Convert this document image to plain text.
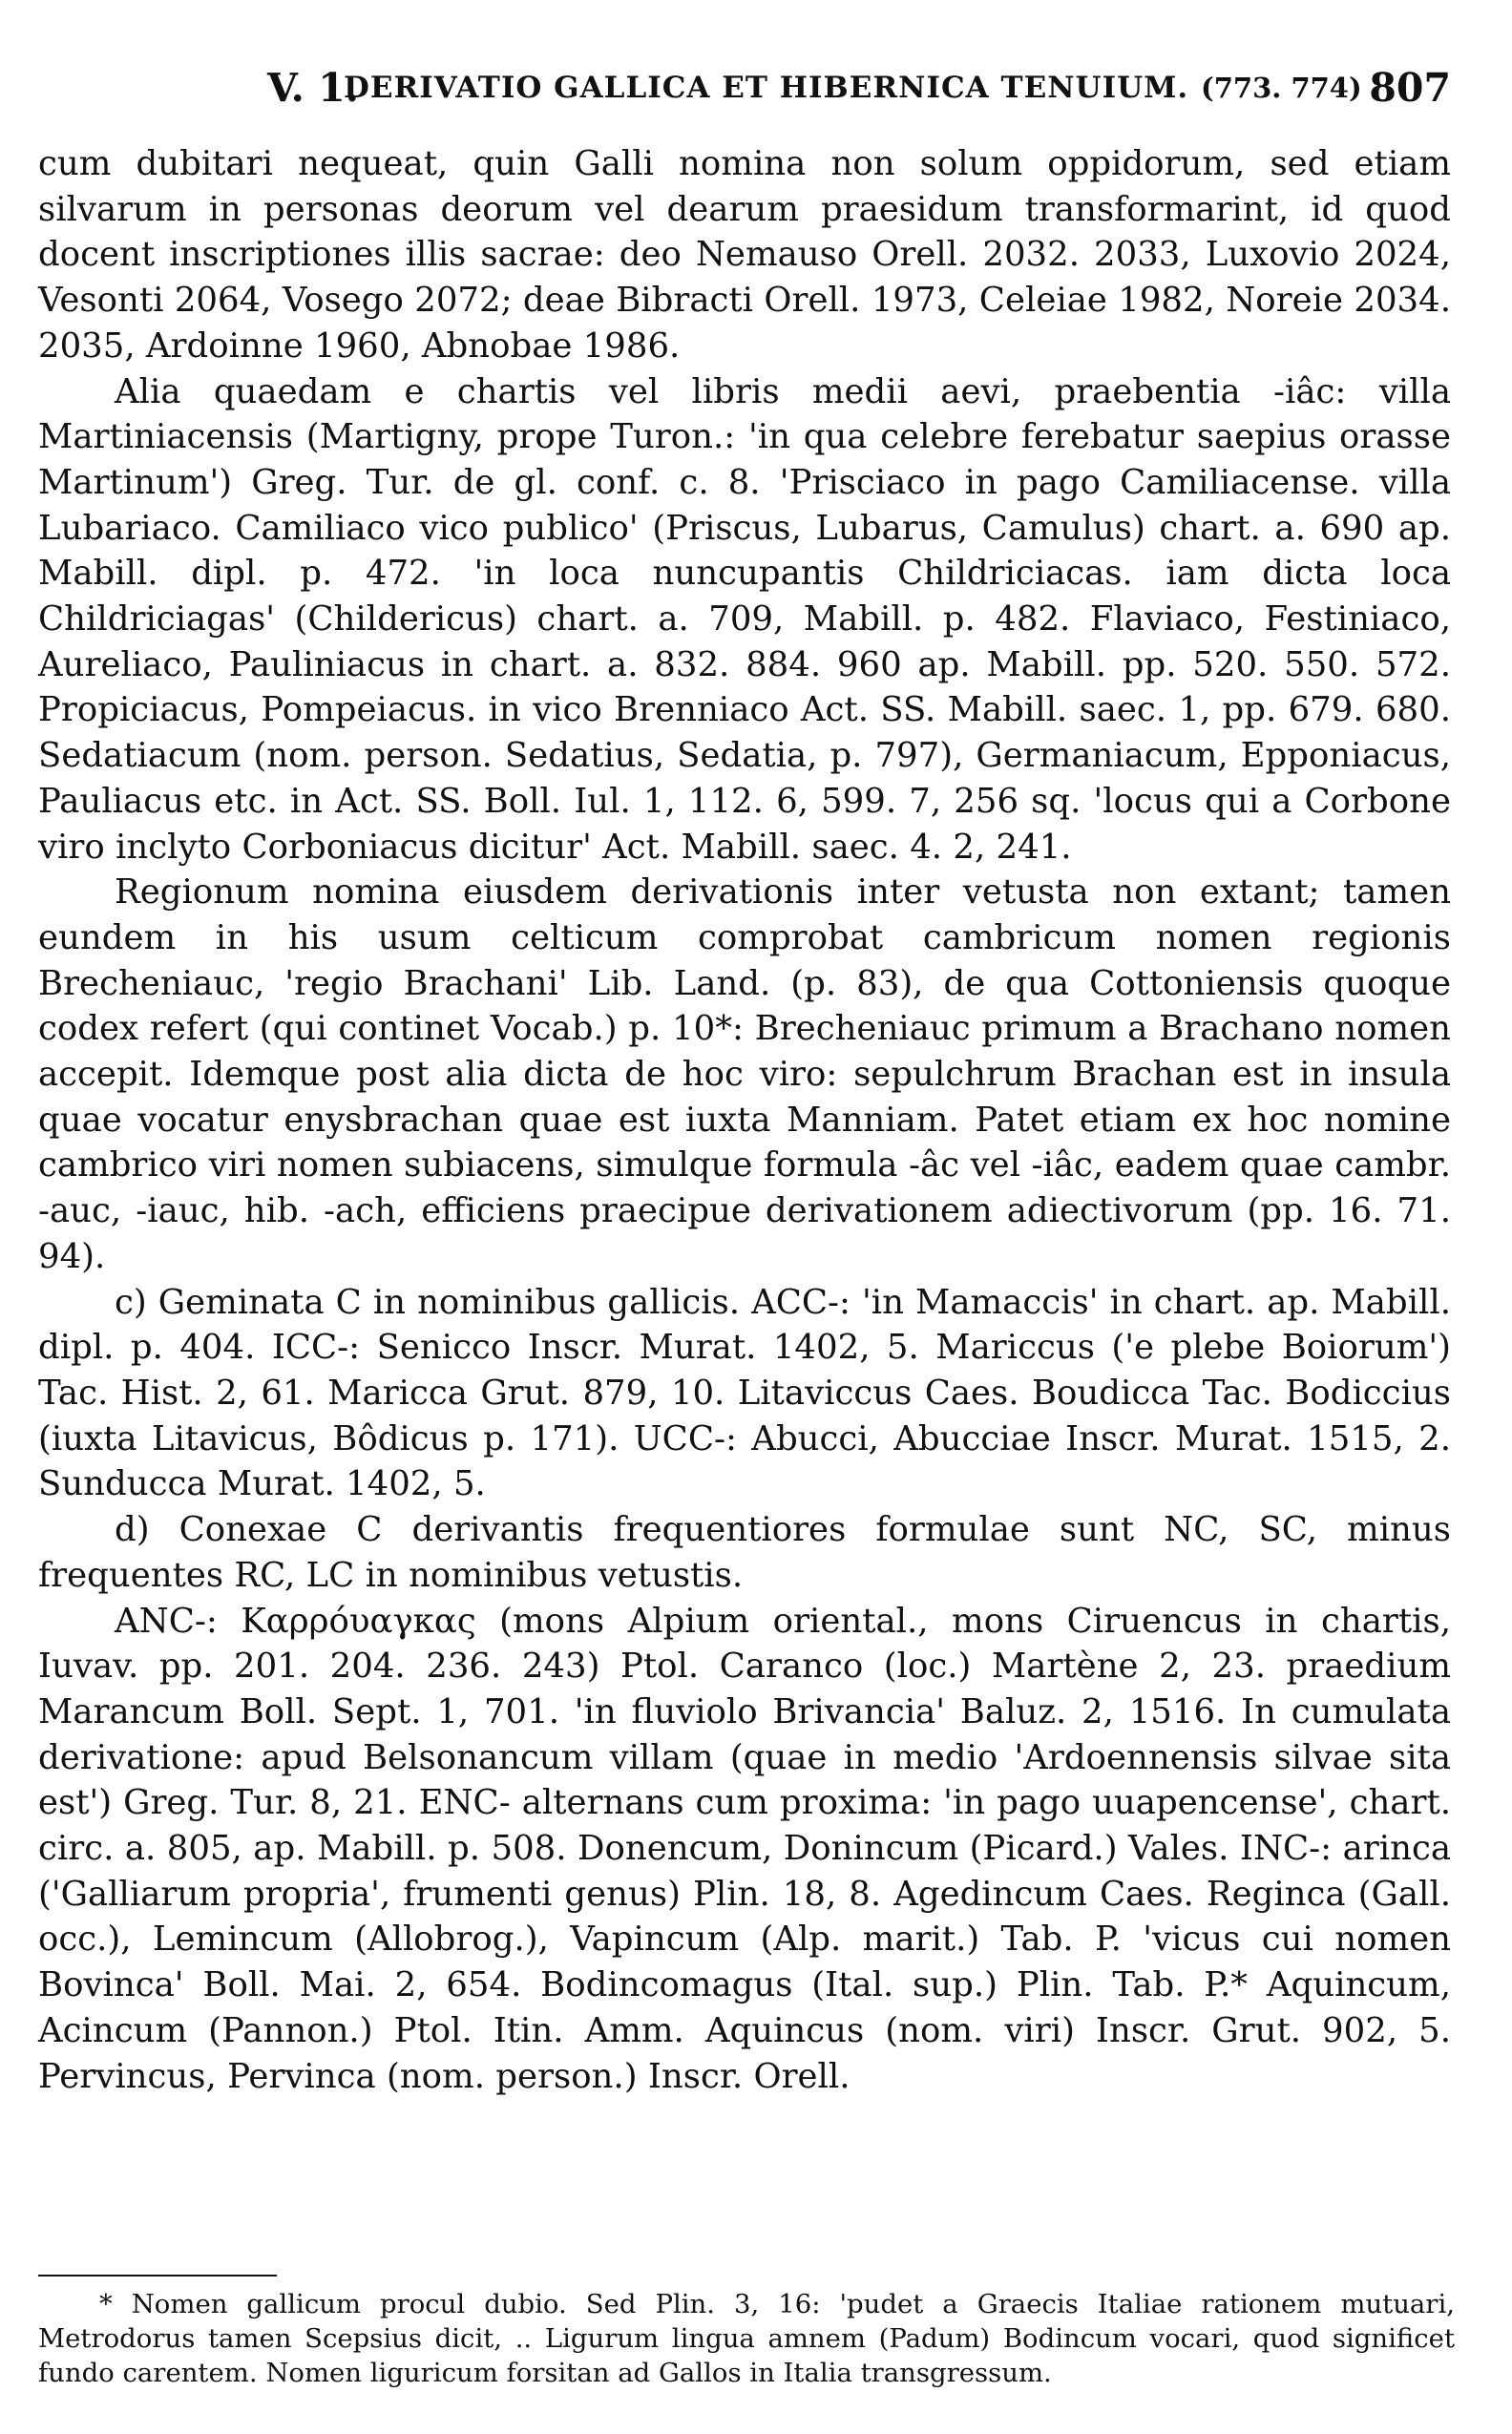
V. 1.
DERIVATIO GALLICA ET HIBERNICA TENUIUM. (773. 774) 807

cum dubitari nequeat, quin Galli nomina non solum oppidorum, sed etiam silvarum in personas deorum vel dearum praesidum transformarint, id quod docent inscriptiones illis sacrae: deo Nemauso Orell. 2032. 2033, Luxovio 2024, Vesonti 2064, Vosego 2072; deae Bibracti Orell. 1973, Celeiae 1982, Noreie 2034. 2035, Ardoinne 1960, Abnobae 1986.

Alia quaedam e chartis vel libris medii aevi, praebentia -iâc: villa Martiniacensis (Martigny, prope Turon.: 'in qua celebre ferebatur saepius orasse Martinum') Greg. Tur. de gl. conf. c. 8. 'Prisciaco in pago Camiliacense. villa Lubariaco. Camiliaco vico publico' (Priscus, Lubarus, Camulus) chart. a. 690 ap. Mabill. dipl. p. 472. 'in loca nuncupantis Childriciacas. iam dicta loca Childriciagas' (Childericus) chart. a. 709, Mabill. p. 482. Flaviaco, Festiniaco, Aureliaco, Pauliniacus in chart. a. 832. 884. 960 ap. Mabill. pp. 520. 550. 572. Propiciacus, Pompeiacus. in vico Brenniaco Act. SS. Mabill. saec. 1, pp. 679. 680. Sedatiacum (nom. person. Sedatius, Sedatia, p. 797), Germaniacum, Epponiacus, Pauliacus etc. in Act. SS. Boll. Iul. 1, 112. 6, 599. 7, 256 sq. 'locus qui a Corbone viro inclyto Corboniacus dicitur' Act. Mabill. saec. 4. 2, 241.

Regionum nomina eiusdem derivationis inter vetusta non extant; tamen eundem in his usum celticum comprobat cambricum nomen regionis Brecheniauc, 'regio Brachani' Lib. Land. (p. 83), de qua Cottoniensis quoque codex refert (qui continet Vocab.) p. 10*: Brecheniauc primum a Brachano nomen accepit. Idemque post alia dicta de hoc viro: sepulchrum Brachan est in insula quae vocatur enysbrachan quae est iuxta Manniam. Patet etiam ex hoc nomine cambrico viri nomen subiacens, simulque formula -âc vel -iâc, eadem quae cambr. -auc, -iauc, hib. -ach, efficiens praecipue derivationem adiectivorum (pp. 16. 71. 94).

c) Geminata C in nominibus gallicis. ACC-: 'in Mamaccis' in chart. ap. Mabill. dipl. p. 404. ICC-: Senicco Inscr. Murat. 1402, 5. Mariccus ('e plebe Boiorum') Tac. Hist. 2, 61. Maricca Grut. 879, 10. Litaviccus Caes. Boudicca Tac. Bodiccius (iuxta Litavicus, Bôdicus p. 171). UCC-: Abucci, Abucciae Inscr. Murat. 1515, 2. Sunducca Murat. 1402, 5.

d) Conexae C derivantis frequentiores formulae sunt NC, SC, minus frequentes RC, LC in nominibus vetustis.

ANC-: Καρρόυαγκας (mons Alpium oriental., mons Ciruencus in chartis, Iuvav. pp. 201. 204. 236. 243) Ptol. Caranco (loc.) Martène 2, 23. praedium Marancum Boll. Sept. 1, 701. 'in fluviolo Brivancia' Baluz. 2, 1516. In cumulata derivatione: apud Belsonancum villam (quae in medio 'Ardoennensis silvae sita est') Greg. Tur. 8, 21. ENC- alternans cum proxima: 'in pago uuapencense', chart. circ. a. 805, ap. Mabill. p. 508. Donencum, Donincum (Picard.) Vales. INC-: arinca ('Galliarum propria', frumenti genus) Plin. 18, 8. Agedincum Caes. Reginca (Gall. occ.), Lemincum (Allobrog.), Vapincum (Alp. marit.) Tab. P. 'vicus cui nomen Bovinca' Boll. Mai. 2, 654. Bodincomagus (Ital. sup.) Plin. Tab. P.* Aquincum, Acincum (Pannon.) Ptol. Itin. Amm. Aquincus (nom. viri) Inscr. Grut. 902, 5. Pervincus, Pervinca (nom. person.) Inscr. Orell.

* Nomen gallicum procul dubio. Sed Plin. 3, 16: 'pudet a Graecis Italiae rationem mutuari, Metrodorus tamen Scepsius dicit, .. Ligurum lingua amnem (Padum) Bodincum vocari, quod significet fundo carentem. Nomen liguricum forsitan ad Gallos in Italia transgressum.
